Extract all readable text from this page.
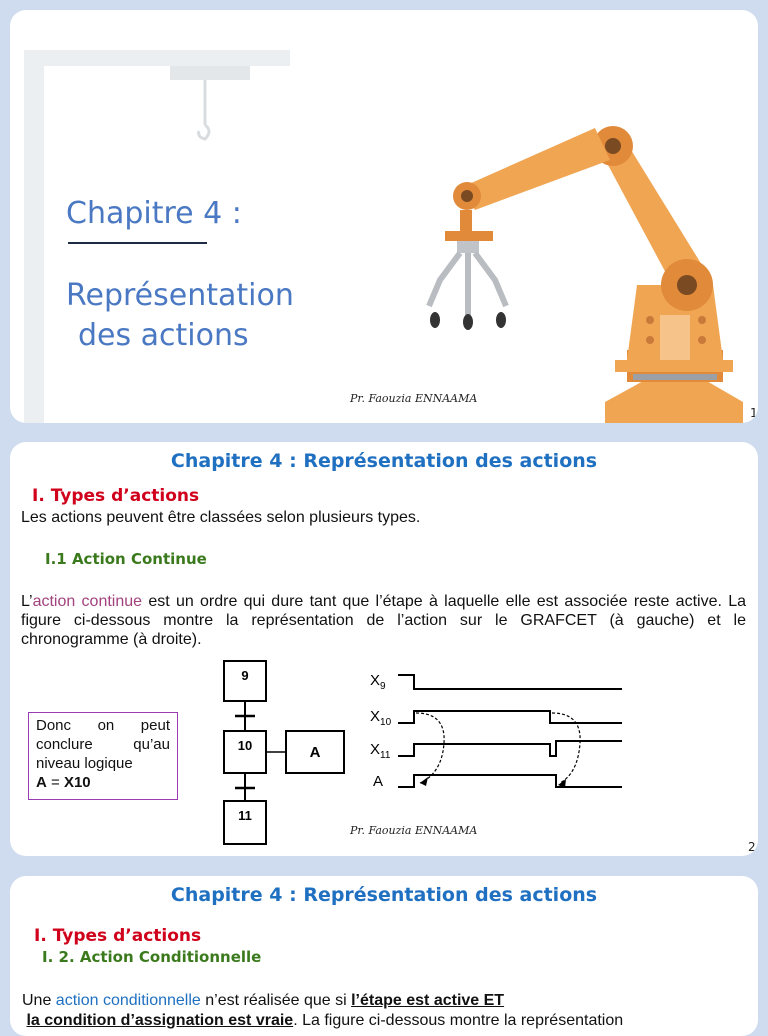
Chapitre 4 :
Représentation
des actions
Pr. Faouzia ENNAAMA
1
Chapitre 4 : Représentation des actions
I. Types d’actions
Les actions peuvent être classées selon plusieurs types.
I.1 Action Continue
L’action continue est un ordre qui dure tant que l’étape à laquelle elle est associée reste active. La figure ci-dessous montre la représentation de l’action sur le GRAFCET (à gauche) et le chronogramme (à droite).
Donc on peut conclure qu’au niveau logique
A = X10
9
10
11
A
$X_9$
$X_{10}$
$X_{11}$
A
Pr. Faouzia ENNAAMA
2
Chapitre 4 : Représentation des actions
I. Types d’actions
I. 2. Action Conditionnelle
Une action conditionnelle n’est réalisée que si l’étape est active ET
la condition d’assignation est vraie. La figure ci-dessous montre la représentation
